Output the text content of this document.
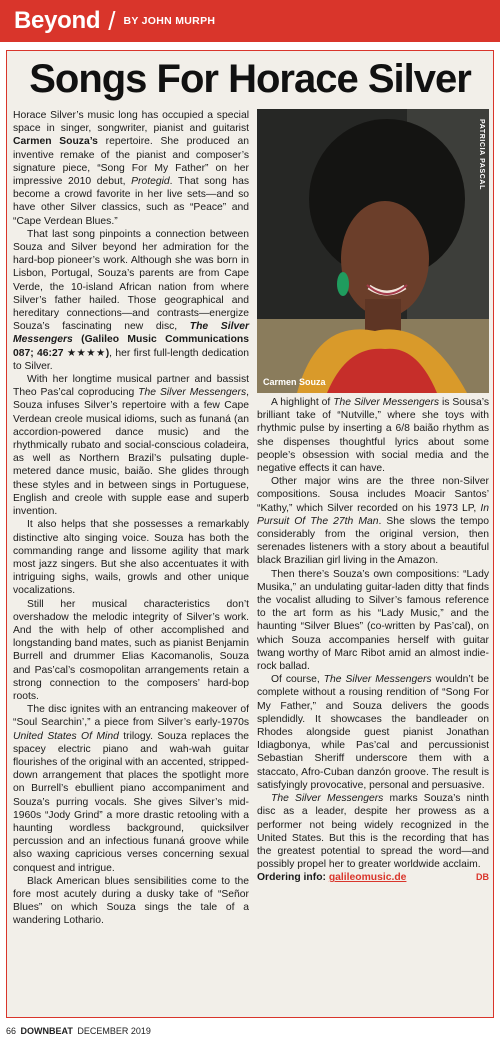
Beyond / BY JOHN MURPH
Songs For Horace Silver

Horace Silver’s music long has occupied a special space in singer, songwriter, pianist and guitarist Carmen Souza’s repertoire. She produced an inventive remake of the pianist and composer’s signature piece, “Song For My Father” on her impressive 2010 debut, Protegid. That song has become a crowd favorite in her live sets—and so have other Silver classics, such as “Peace” and “Cape Verdean Blues.”

That last song pinpoints a connection between Souza and Silver beyond her admiration for the hard-bop pioneer’s work. Although she was born in Lisbon, Portugal, Souza’s parents are from Cape Verde, the 10-island African nation from where Silver’s father hailed. Those geographical and hereditary connections—and contrasts—energize Souza’s fascinating new disc, The Silver Messengers (Galileo Music Communications 087; 46:27 ★★★★), her first full-length dedication to Silver.

With her longtime musical partner and bassist Theo Pas’cal coproducing The Silver Messengers, Souza infuses Silver’s repertoire with a few Cape Verdean creole musical idioms, such as funaná (an accordion-powered dance music) and the rhythmically rubato and social-conscious coladeira, as well as Northern Brazil’s pulsating duple-metered dance music, baião. She glides through these styles and in between sings in Portuguese, English and creole with supple ease and superb invention.

It also helps that she possesses a remarkably distinctive alto singing voice. Souza has both the commanding range and lissome agility that mark most jazz singers. But she also accentuates it with intriguing sighs, wails, growls and other unique vocalizations.

Still her musical characteristics don’t overshadow the melodic integrity of Silver’s work. And the with help of other accomplished and longstanding band mates, such as pianist Benjamin Burrell and drummer Elias Kacomanolis, Souza and Pas’cal’s cosmopolitan arrangements retain a strong connection to the composers’ hard-bop roots.

The disc ignites with an entrancing makeover of “Soul Searchin’,” a piece from Silver’s early-1970s United States Of Mind trilogy. Souza replaces the spacey electric piano and wah-wah guitar flourishes of the original with an accented, stripped-down arrangement that places the spotlight more on Burrell’s ebullient piano accompaniment and Souza’s purring vocals. She gives Silver’s mid-1960s “Jody Grind” a more drastic retooling with a haunting wordless background, quicksilver percussion and an infectious funaná groove while also waxing capricious verses concerning sexual conquest and intrigue.

Black American blues sensibilities come to the fore most acutely during a dusky take of “Señor Blues” on which Souza sings the tale of a wandering Lothario.

PATRICIA PASCAL
Carmen Souza

A highlight of The Silver Messengers is Sousa’s brilliant take of “Nutville,” where she toys with rhythmic pulse by inserting a 6/8 baião rhythm as she dispenses thoughtful lyrics about some people’s obsession with social media and the negative effects it can have.

Other major wins are the three non-Silver compositions. Sousa includes Moacir Santos’ “Kathy,” which Silver recorded on his 1973 LP, In Pursuit Of The 27th Man. She slows the tempo considerably from the original version, then serenades listeners with a story about a beautiful black Brazilian girl living in the Amazon.

Then there’s Souza’s own compositions: “Lady Musika,” an undulating guitar-laden ditty that finds the vocalist alluding to Silver’s famous reference to the art form as his “Lady Music,” and the haunting “Silver Blues” (co-written by Pas’cal), on which Souza accompanies herself with guitar twang worthy of Marc Ribot amid an almost indie-rock ballad.

Of course, The Silver Messengers wouldn’t be complete without a rousing rendition of “Song For My Father,” and Souza delivers the goods splendidly. It showcases the bandleader on Rhodes alongside guest pianist Jonathan Idiagbonya, while Pas’cal and percussionist Sebastian Sheriff underscore them with a staccato, Afro-Cuban danzón groove. The result is satisfyingly provocative, personal and persuasive.

The Silver Messengers marks Souza’s ninth disc as a leader, despite her prowess as a performer not being widely recognized in the United States. But this is the recording that has the greatest potential to spread the word—and possibly propel her to greater worldwide acclaim.
DB

Ordering info: galileomusic.de

66 DOWNBEAT DECEMBER 2019
